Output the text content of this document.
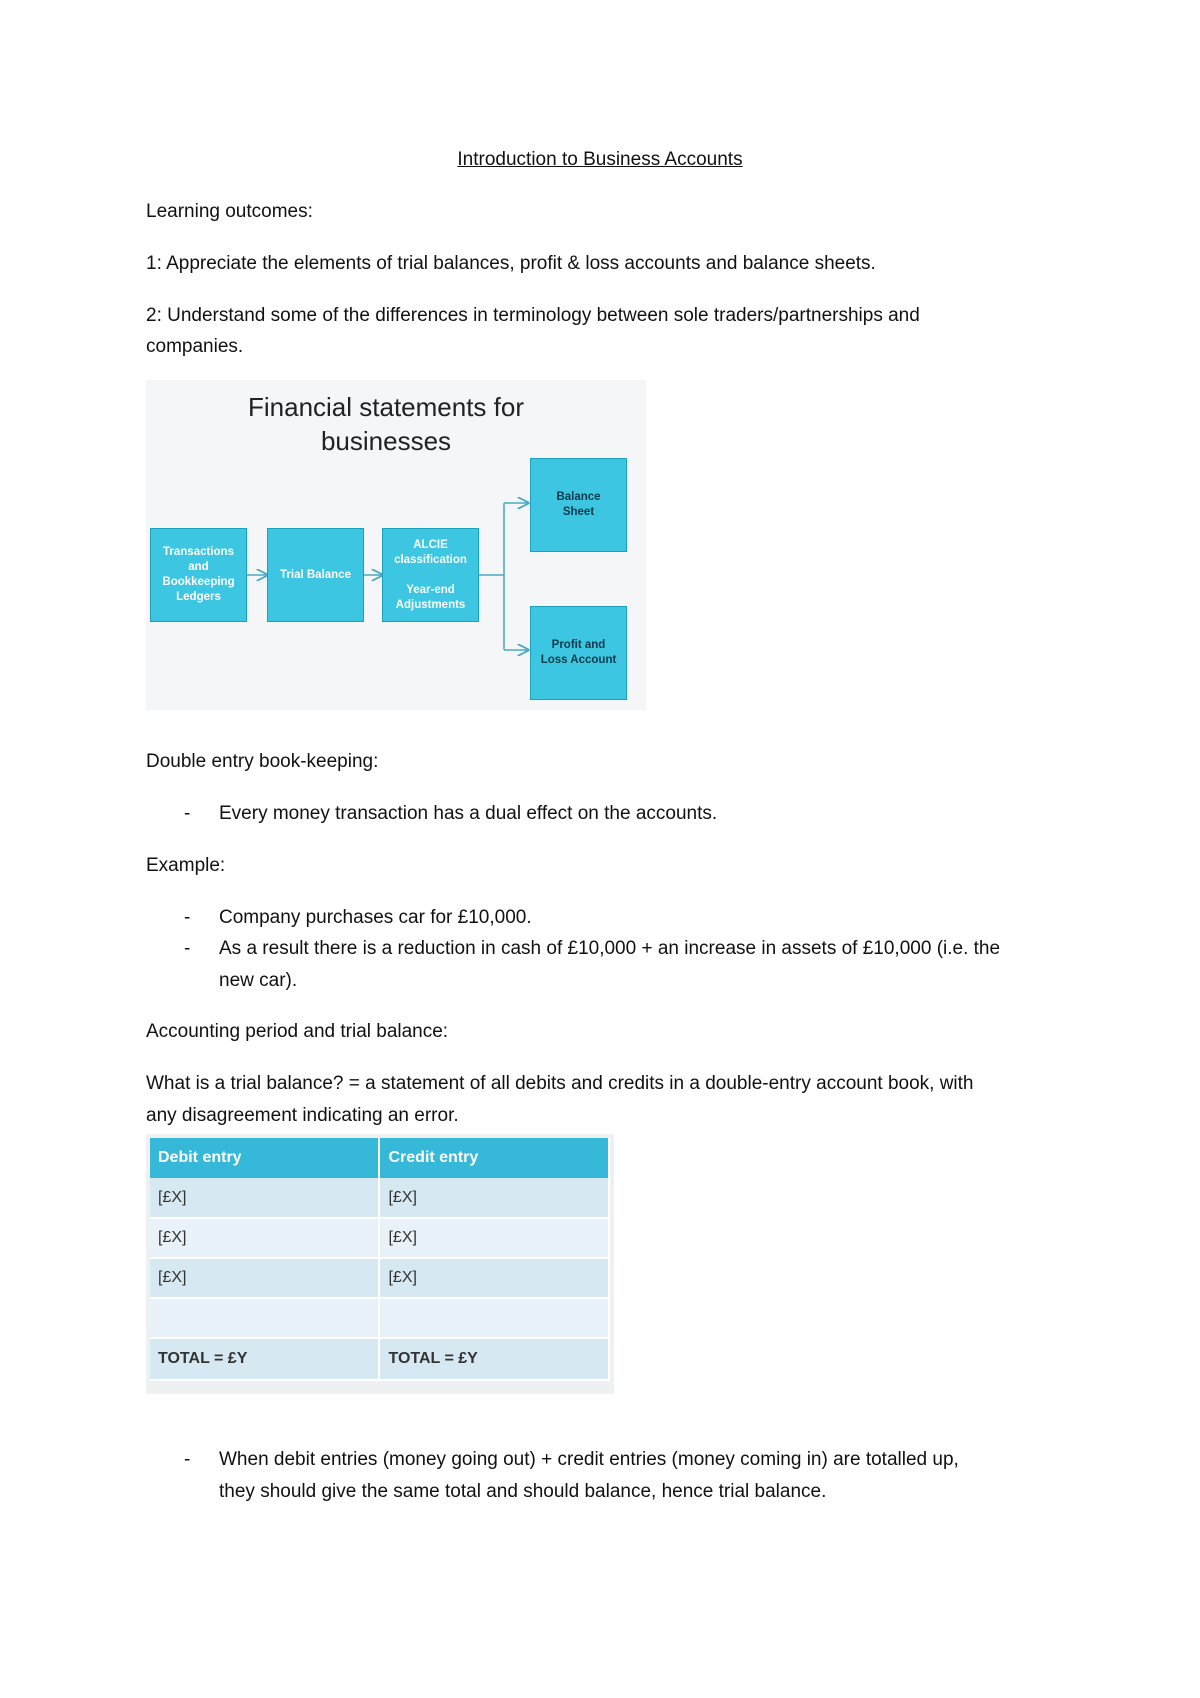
Introduction to Business Accounts

Learning outcomes:

1: Appreciate the elements of trial balances, profit & loss accounts and balance sheets.

2: Understand some of the differences in terminology between sole traders/partnerships and

companies.

Financial statements for
businesses
Transactions
and
Bookkeeping
Ledgers
Trial Balance
ALCIE
classification
Year-end
Adjustments
Balance
Sheet
Profit and
Loss Account

Double entry book-keeping:

- Every money transaction has a dual effect on the accounts.

Example:

- Company purchases car for £10,000.

- As a result there is a reduction in cash of £10,000 + an increase in assets of £10,000 (i.e. the

new car).

Accounting period and trial balance:

What is a trial balance? = a statement of all debits and credits in a double-entry account book, with

any disagreement indicating an error.

Debit entry	Credit entry
[£X]	[£X]
[£X]	[£X]
[£X]	[£X]

TOTAL = £Y	TOTAL = £Y
- When debit entries (money going out) + credit entries (money coming in) are totalled up,

they should give the same total and should balance, hence trial balance.
